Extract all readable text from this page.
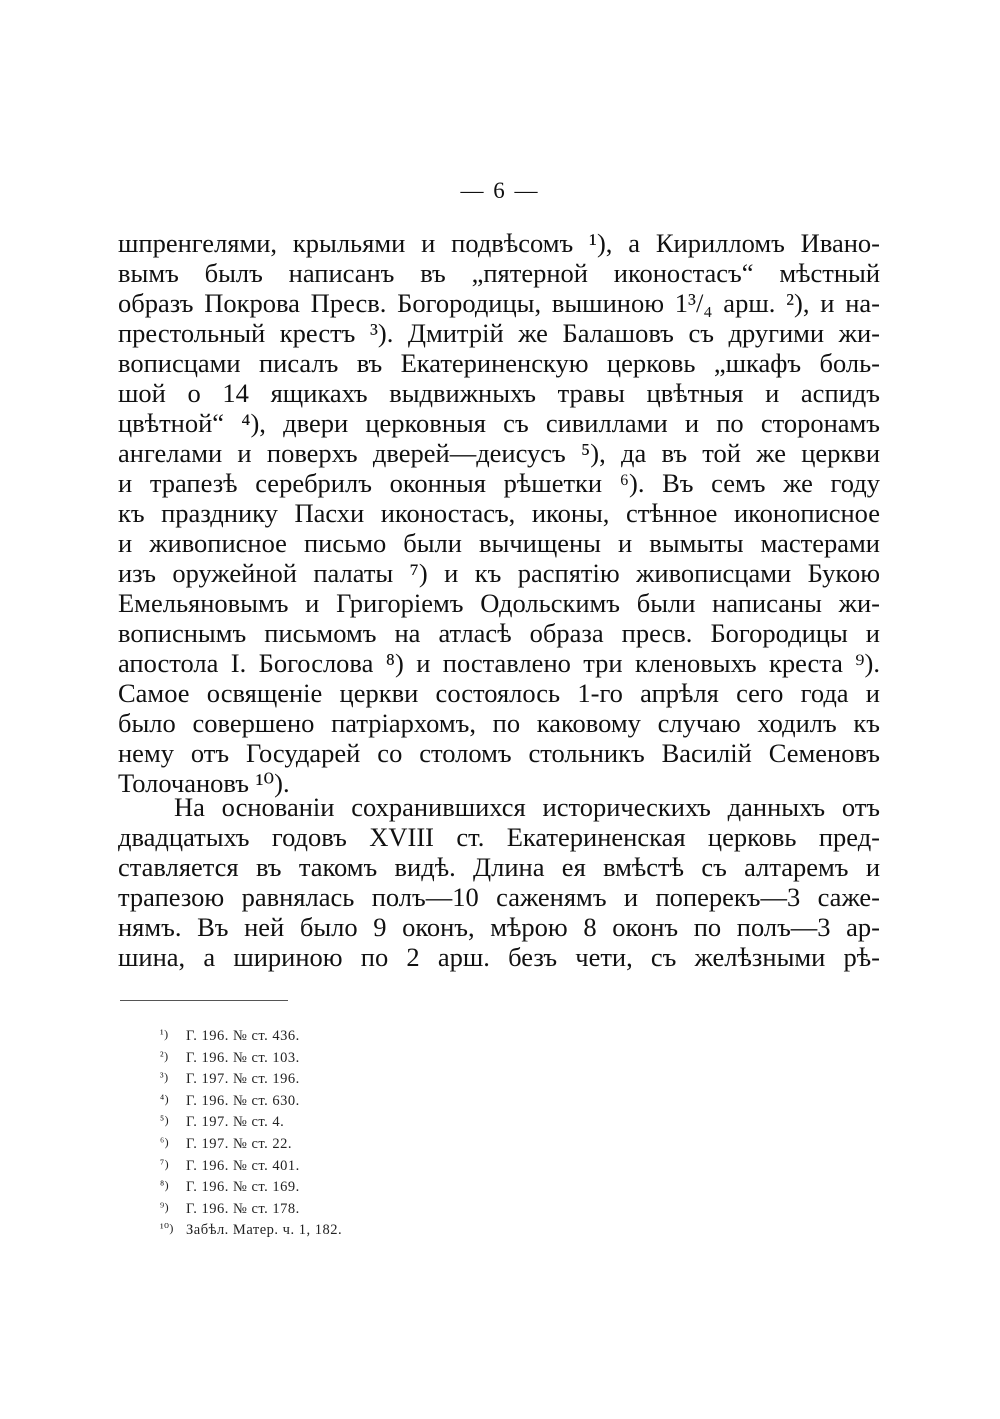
— 6 —
шпренгелями, крыльями и подвѣсомъ ¹), а Кирилломъ Ивано-
вымъ былъ написанъ въ „пятерной иконостасъ“ мѣстный
образъ Покрова Пресв. Богородицы, вышиною 1³/₄ арш. ²), и на-
престольный крестъ ³). Дмитрій же Балашовъ съ другими жи-
вописцами писалъ въ Екатериненскую церковь „шкафъ боль-
шой о 14 ящикахъ выдвижныхъ травы цвѣтныя и аспидъ
цвѣтной“ ⁴), двери церковныя съ сивиллами и по сторонамъ
ангелами и поверхъ дверей—деисусъ ⁵), да въ той же церкви
и трапезѣ серебрилъ оконныя рѣшетки ⁶). Въ семъ же году
къ празднику Пасхи иконостасъ, иконы, стѣнное иконописное
и живописное письмо были вычищены и вымыты мастерами
изъ оружейной палаты ⁷) и къ распятію живописцами Букою
Емельяновымъ и Григоріемъ Одольскимъ были написаны жи-
вописнымъ письмомъ на атласѣ образа пресв. Богородицы и
апостола І. Богослова ⁸) и поставлено три кленовыхъ креста ⁹).
Самое освященіе церкви состоялось 1-го апрѣля сего года и
было совершено патріархомъ, по каковому случаю ходилъ къ
нему отъ Государей со столомъ стольникъ Василій Семеновъ
Толочановъ ¹⁰).
На основаніи сохранившихся историческихъ данныхъ отъ
двадцатыхъ годовъ XVIII ст. Екатериненская церковь пред-
ставляется въ такомъ видѣ. Длина ея вмѣстѣ съ алтаремъ и
трапезою равнялась полъ—10 саженямъ и поперекъ—3 саже-
нямъ. Въ ней было 9 оконъ, мѣрою 8 оконъ по полъ—3 ар-
шина, а шириною по 2 арш. безъ чети, съ желѣзными рѣ-
¹) Г. 196. № ст. 436.
²) Г. 196. № ст. 103.
³) Г. 197. № ст. 196.
⁴) Г. 196. № ст. 630.
⁵) Г. 197. № ст. 4.
⁶) Г. 197. № ст. 22.
⁷) Г. 196. № ст. 401.
⁸) Г. 196. № ст. 169.
⁹) Г. 196. № ст. 178.
¹⁰) Забѣл. Матер. ч. 1, 182.
